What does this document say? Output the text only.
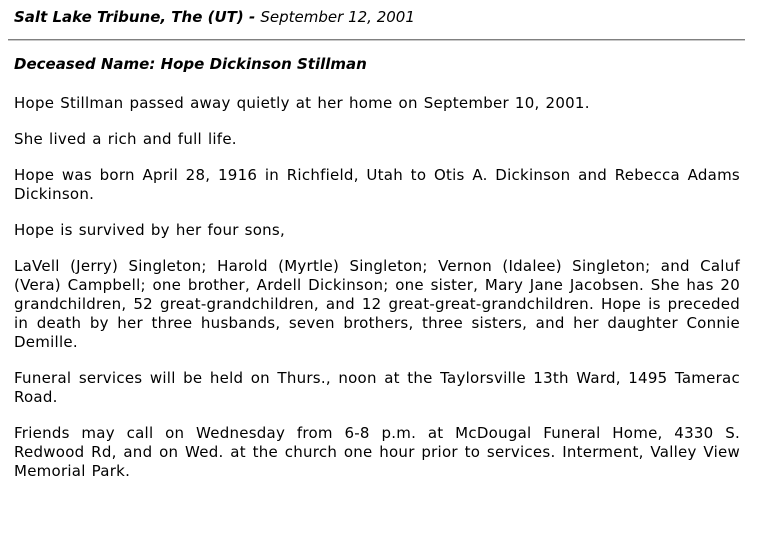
Salt Lake Tribune, The (UT) - September 12, 2001
Deceased Name: Hope Dickinson Stillman

Hope Stillman passed away quietly at her home on September 10, 2001.

She lived a rich and full life.

Hope was born April 28, 1916 in Richfield, Utah to Otis A. Dickinson and Rebecca Adams Dickinson.

Hope is survived by her four sons,

LaVell (Jerry) Singleton; Harold (Myrtle) Singleton; Vernon (Idalee) Singleton; and Caluf (Vera) Campbell; one brother, Ardell Dickinson; one sister, Mary Jane Jacobsen. She has 20 grandchildren, 52 great-grandchildren, and 12 great-great-grandchildren. Hope is preceded in death by her three husbands, seven brothers, three sisters, and her daughter Connie Demille.

Funeral services will be held on Thurs., noon at the Taylorsville 13th Ward, 1495 Tamerac Road.

Friends may call on Wednesday from 6-8 p.m. at McDougal Funeral Home, 4330 S. Redwood Rd, and on Wed. at the church one hour prior to services. Interment, Valley View Memorial Park.
